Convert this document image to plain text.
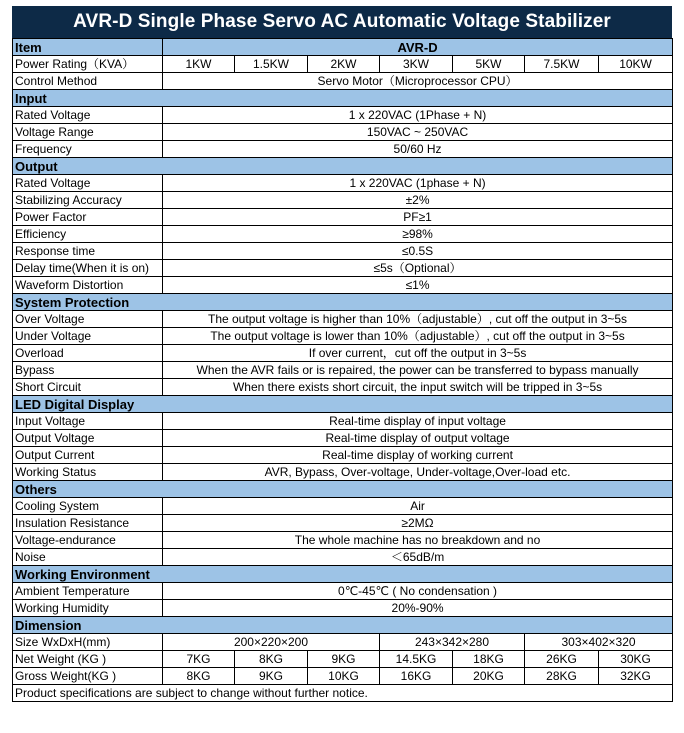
AVR-D Single Phase Servo AC Automatic Voltage Stabilizer
Item	AVR-D						
Power Rating（KVA）	1KW	1.5KW	2KW	3KW	5KW	7.5KW	10KW
Control Method	Servo Motor（Microprocessor CPU）						
Input							
Rated Voltage	1 x 220VAC (1Phase + N)						
Voltage Range	150VAC ~ 250VAC						
Frequency	50/60 Hz						
Output							
Rated Voltage	1 x 220VAC (1phase + N)						
Stabilizing Accuracy	±2%						
Power Factor	PF≥1						
Efficiency	≥98%						
Response time	≤0.5S						
Delay time(When it is on)	≤5s（Optional）						
Waveform Distortion	≤1%						
System Protection							
Over Voltage	The output voltage is higher than 10%（adjustable）, cut off the output in 3~5s						
Under Voltage	The output voltage is lower than 10%（adjustable）, cut off the output in 3~5s						
Overload	If over current，cut off the output in 3~5s						
Bypass	When the AVR fails or is repaired, the power can be transferred to bypass manually						
Short Circuit	When there exists short circuit, the input switch will be tripped in 3~5s						
LED Digital Display							
Input Voltage	Real-time display of input voltage						
Output Voltage	Real-time display of output voltage						
Output Current	Real-time display of working current						
Working Status	AVR, Bypass, Over-voltage, Under-voltage,Over-load etc.						
Others							
Cooling System	Air						
Insulation Resistance	≥2MΩ						
Voltage-endurance	The whole machine has no breakdown and no						
Noise	＜65dB/m						
Working Environment							
Ambient Temperature	0℃-45℃ ( No condensation )						
Working Humidity	20%-90%						
Dimension							
Size WxDxH(mm)	200×220×200			243×342×280		303×402×320	
Net Weight (KG )	7KG	8KG	9KG	14.5KG	18KG	26KG	30KG
Gross Weight(KG )	8KG	9KG	10KG	16KG	20KG	28KG	32KG
Product specifications are subject to change without further notice.							
